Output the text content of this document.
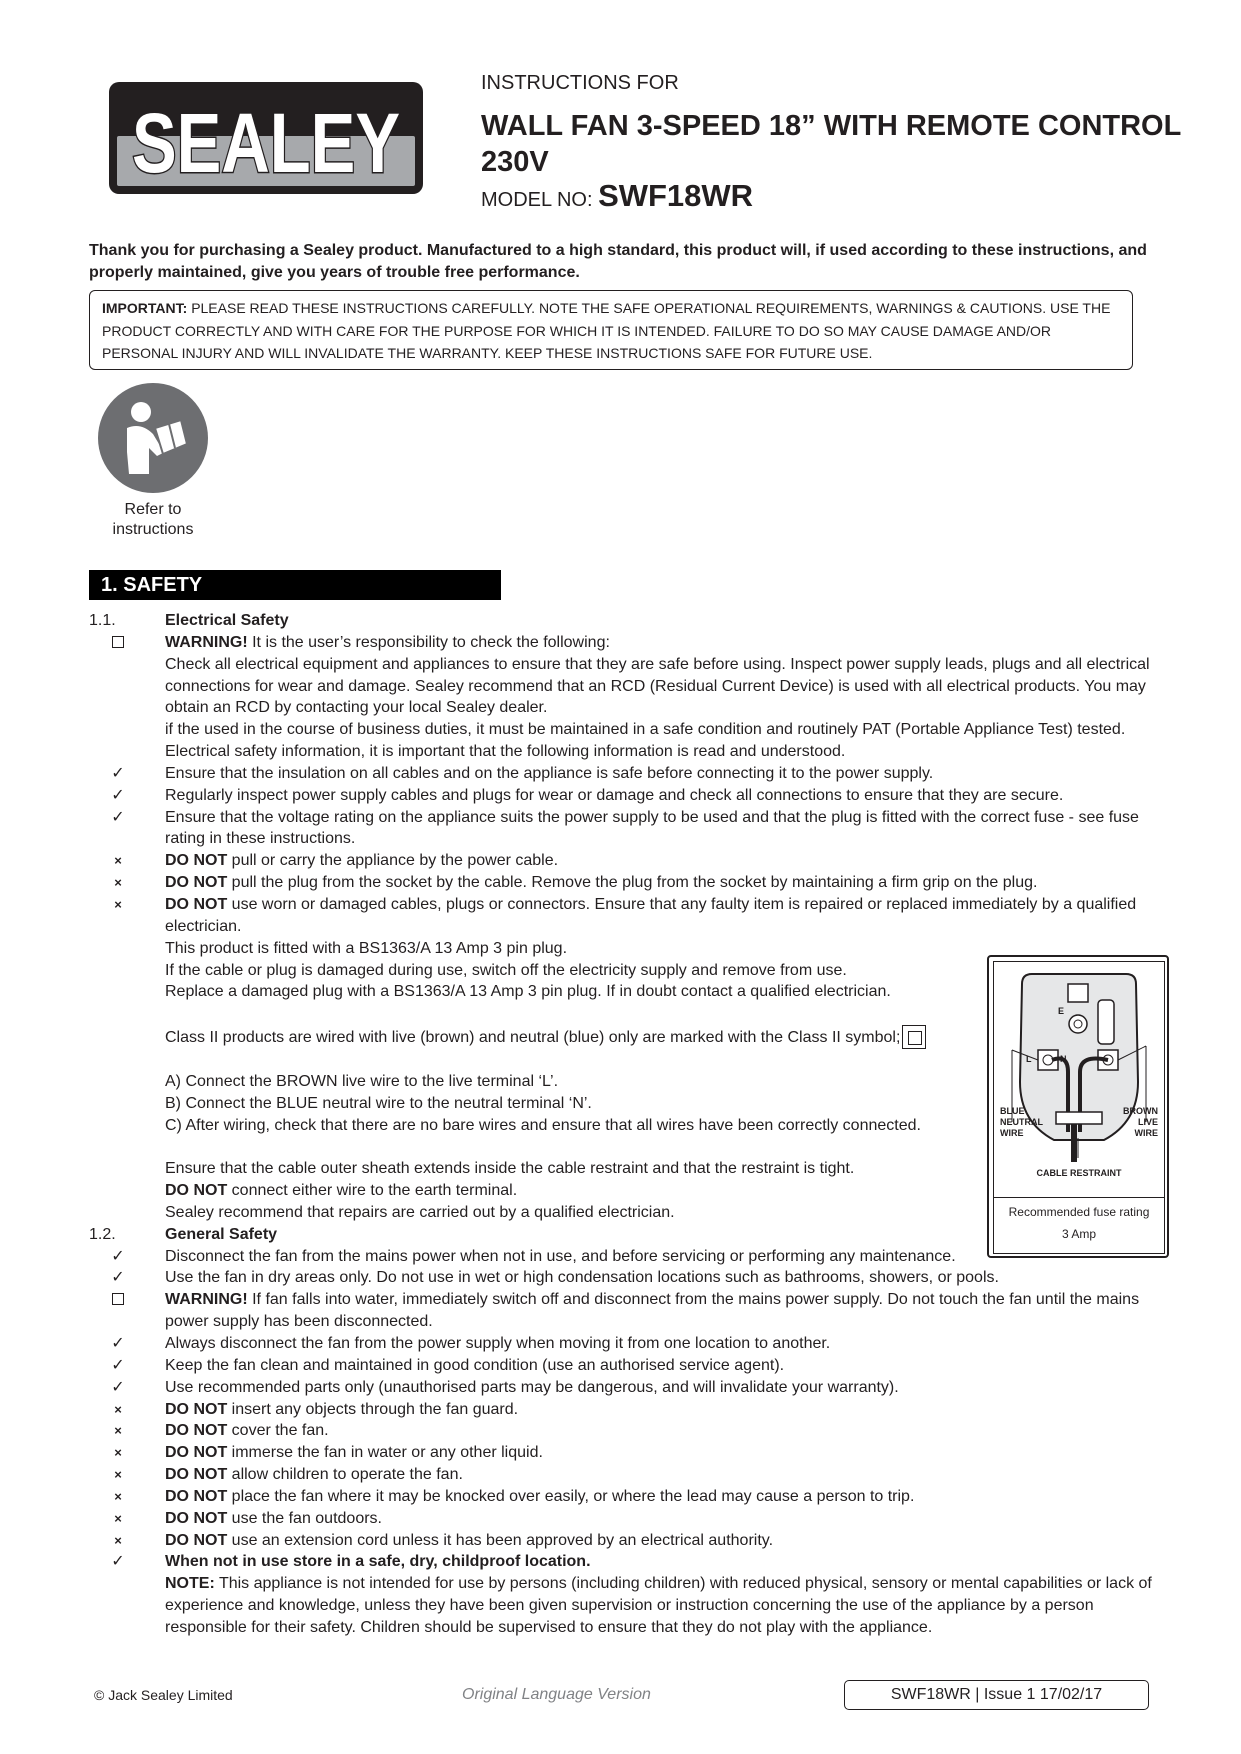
SEALEY
INSTRUCTIONS FOR
WALL FAN 3-SPEED 18” WITH REMOTE CONTROL 230V
MODEL NO: SWF18WR
Thank you for purchasing a Sealey product. Manufactured to a high standard, this product will, if used according to these instructions, and properly maintained, give you years of trouble free performance.
IMPORTANT: PLEASE READ THESE INSTRUCTIONS CAREFULLY. NOTE THE SAFE OPERATIONAL REQUIREMENTS, WARNINGS & CAUTIONS. USE THE PRODUCT CORRECTLY AND WITH CARE FOR THE PURPOSE FOR WHICH IT IS INTENDED. FAILURE TO DO SO MAY CAUSE DAMAGE AND/OR PERSONAL INJURY AND WILL INVALIDATE THE WARRANTY. KEEP THESE INSTRUCTIONS SAFE FOR FUTURE USE.
Refer to instructions
1. SAFETY
1.1.	Electrical Safety
WARNING! It is the user’s responsibility to check the following:
Check all electrical equipment and appliances to ensure that they are safe before using. Inspect power supply leads, plugs and all electrical connections for wear and damage. Sealey recommend that an RCD (Residual Current Device) is used with all electrical products. You may obtain an RCD by contacting your local Sealey dealer.
if the used in the course of business duties, it must be maintained in a safe condition and routinely PAT (Portable Appliance Test) tested.
Electrical safety information, it is important that the following information is read and understood.
✓	Ensure that the insulation on all cables and on the appliance is safe before connecting it to the power supply.
✓	Regularly inspect power supply cables and plugs for wear or damage and check all connections to ensure that they are secure.
✓	Ensure that the voltage rating on the appliance suits the power supply to be used and that the plug is fitted with the correct fuse - see fuse rating in these instructions.
×	DO NOT pull or carry the appliance by the power cable.
×	DO NOT pull the plug from the socket by the cable. Remove the plug from the socket by maintaining a firm grip on the plug.
×	DO NOT use worn or damaged cables, plugs or connectors. Ensure that any faulty item is repaired or replaced immediately by a qualified electrician.
This product is fitted with a BS1363/A 13 Amp 3 pin plug.
If the cable or plug is damaged during use, switch off the electricity supply and remove from use.
Replace a damaged plug with a BS1363/A 13 Amp 3 pin plug. If in doubt contact a qualified electrician.
Class II products are wired with live (brown) and neutral (blue) only are marked with the Class II symbol;
A) Connect the BROWN live wire to the live terminal ‘L’.
B) Connect the BLUE neutral wire to the neutral terminal ‘N’.
C) After wiring, check that there are no bare wires and ensure that all wires have been correctly connected.
Ensure that the cable outer sheath extends inside the cable restraint and that the restraint is tight.
DO NOT connect either wire to the earth terminal.
Sealey recommend that repairs are carried out by a qualified electrician.
1.2.	General Safety
✓	Disconnect the fan from the mains power when not in use, and before servicing or performing any maintenance.
✓	Use the fan in dry areas only. Do not use in wet or high condensation locations such as bathrooms, showers, or pools.
WARNING! If fan falls into water, immediately switch off and disconnect from the mains power supply. Do not touch the fan until the mains power supply has been disconnected.
✓	Always disconnect the fan from the power supply when moving it from one location to another.
✓	Keep the fan clean and maintained in good condition (use an authorised service agent).
✓	Use recommended parts only (unauthorised parts may be dangerous, and will invalidate your warranty).
×	DO NOT insert any objects through the fan guard.
×	DO NOT cover the fan.
×	DO NOT immerse the fan in water or any other liquid.
×	DO NOT allow children to operate the fan.
×	DO NOT place the fan where it may be knocked over easily, or where the lead may cause a person to trip.
×	DO NOT use the fan outdoors.
×	DO NOT use an extension cord unless it has been approved by an electrical authority.
✓	When not in use store in a safe, dry, childproof location.
NOTE: This appliance is not intended for use by persons (including children) with reduced physical, sensory or mental capabilities or lack of experience and knowledge, unless they have been given supervision or instruction concerning the use of the appliance by a person responsible for their safety. Children should be supervised to ensure that they do not play with the appliance.
E
L	N
BLUE
NEUTRAL
WIRE
BROWN
LIVE
WIRE
CABLE RESTRAINT
Recommended fuse rating
3 Amp
© Jack Sealey Limited	Original Language Version	SWF18WR | Issue 1 17/02/17
